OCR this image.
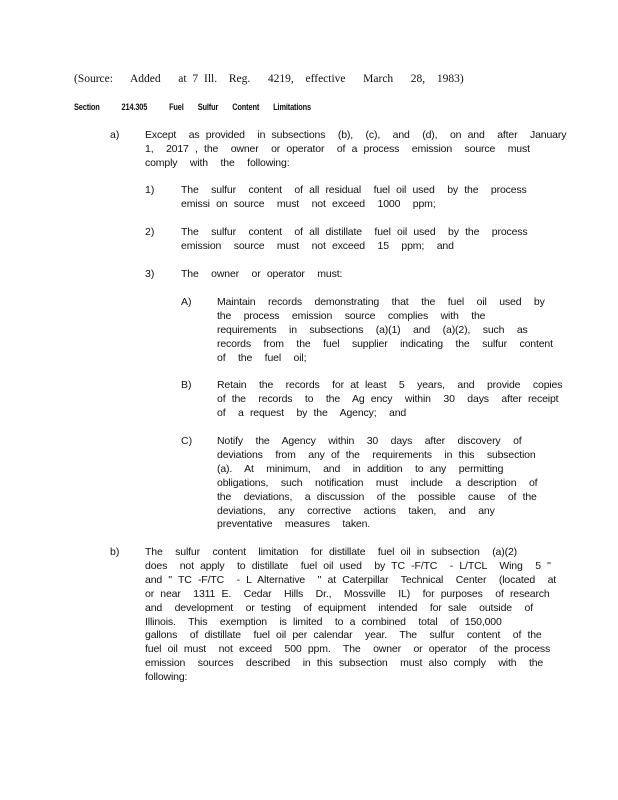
(Source:   Added   at 7 Ill.  Reg.   4219,  effective   March   28,  1983)
Section 214.305 Fuel Sulfur Content Limitations
a) Except  as provided  in subsections  (b),  (c),  and  (d),  on and  after  January
1,  2017 , the  owner  or operator  of a process  emission  source  must
comply  with  the  following:
1)	The  sulfur  content  of all residual  fuel oil used  by the  process
emissi on source  must  not exceed  1000  ppm;
2)	The  sulfur  content  of all distillate  fuel oil used  by the  process
emission  source  must  not exceed  15  ppm;  and
3)	The  owner  or operator  must:
A) Maintain  records  demonstrating  that  the  fuel  oil  used  by
the  process  emission  source  complies  with  the
requirements  in  subsections  (a)(1)  and  (a)(2),  such  as
records  from  the  fuel  supplier  indicating  the  sulfur  content
of  the  fuel  oil;
B) Retain  the  records  for at least  5  years,  and  provide  copies
of the  records  to  the  Ag ency  within  30  days  after receipt
of  a request  by the  Agency;  and
C) Notify  the  Agency  within  30  days  after  discovery  of
deviations  from  any of the  requirements  in this  subsection
(a).  At  minimum,  and  in addition  to any  permitting
obligations,  such  notification  must  include  a description  of
the  deviations,  a discussion  of the  possible  cause  of the
deviations,  any  corrective  actions  taken,  and  any
preventative  measures  taken.
b) The  sulfur  content  limitation  for distillate  fuel oil in subsection  (a)(2)
does  not apply  to distillate  fuel oil used  by TC -F/TC  - L/TCL  Wing  5 "
and " TC -F/TC  - L Alternative  " at Caterpillar  Technical  Center  (located  at
or near  1311 E.  Cedar  Hills  Dr.,  Mossville  IL)  for purposes  of research
and  development  or testing  of equipment  intended  for sale  outside  of
Illinois.  This  exemption  is limited  to a combined  total  of 150,000
gallons  of distillate  fuel oil per calendar  year.  The  sulfur  content  of the
fuel oil must  not exceed  500 ppm.  The  owner  or operator  of the process
emission  sources  described  in this subsection  must also comply  with  the
following:
